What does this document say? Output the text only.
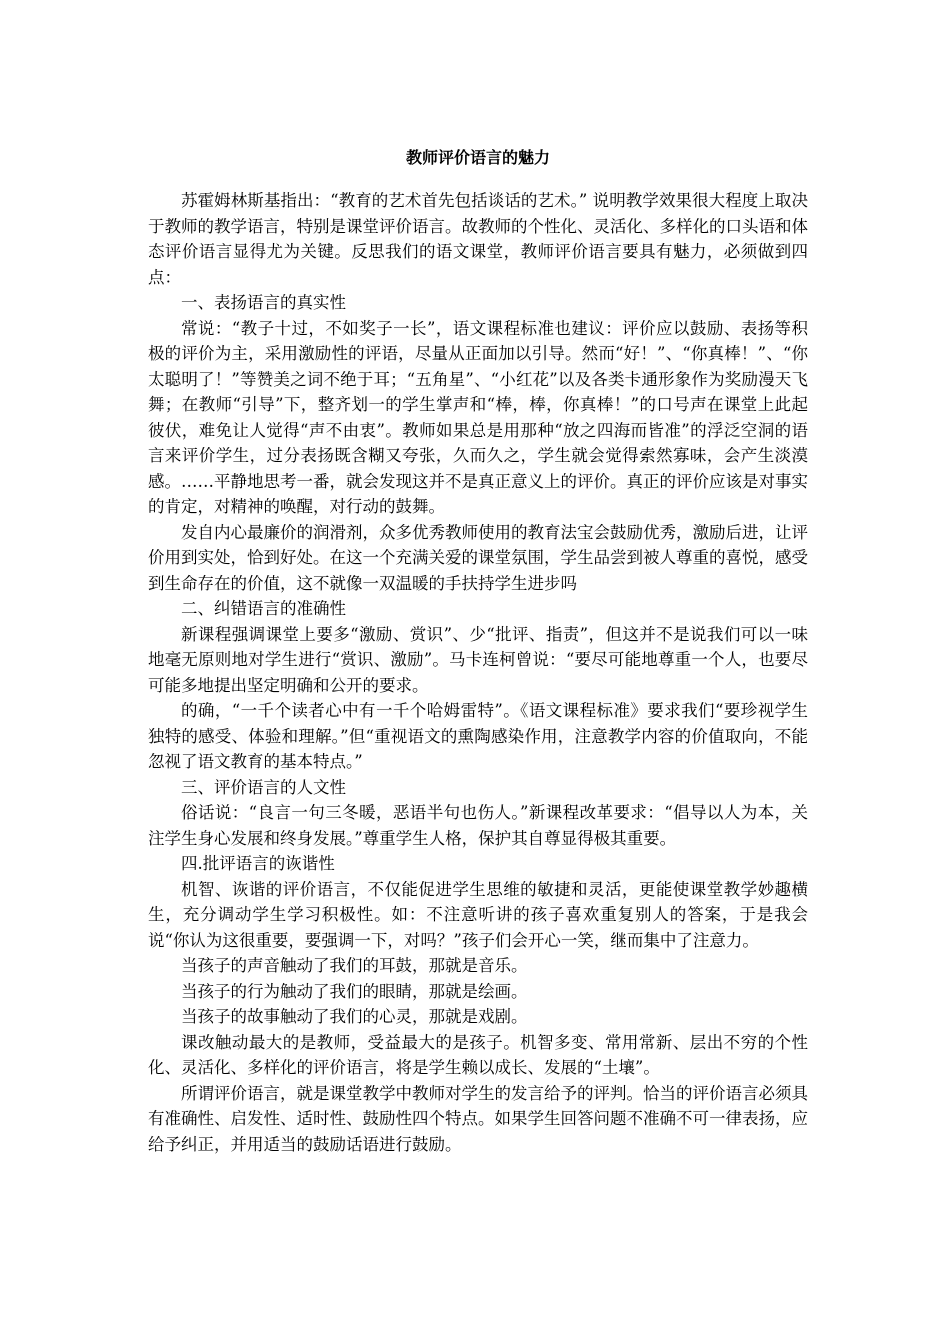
教师评价语言的魅力

苏霍姆林斯基指出：“教育的艺术首先包括谈话的艺术。” 说明教学效果很大程度上取决于教师的教学语言，特别是课堂评价语言。故教师的个性化、灵活化、多样化的口头语和体态评价语言显得尤为关键。反思我们的语文课堂，教师评价语言要具有魅力，必须做到四点：

一、表扬语言的真实性

常说：“教子十过，不如奖子一长”，语文课程标准也建议：评价应以鼓励、表扬等积极的评价为主，采用激励性的评语，尽量从正面加以引导。然而“好！”、“你真棒！”、“你太聪明了！”等赞美之词不绝于耳；“五角星”、“小红花”以及各类卡通形象作为奖励漫天飞舞；在教师“引导”下，整齐划一的学生掌声和“棒，棒，你真棒！”的口号声在课堂上此起彼伏，难免让人觉得“声不由衷”。教师如果总是用那种“放之四海而皆准”的浮泛空洞的语言来评价学生，过分表扬既含糊又夸张，久而久之，学生就会觉得索然寡味，会产生淡漠感。……平静地思考一番，就会发现这并不是真正意义上的评价。真正的评价应该是对事实的肯定，对精神的唤醒，对行动的鼓舞。

发自内心最廉价的润滑剂，众多优秀教师使用的教育法宝会鼓励优秀，激励后进，让评价用到实处，恰到好处。在这一个充满关爱的课堂氛围，学生品尝到被人尊重的喜悦，感受到生命存在的价值，这不就像一双温暖的手扶持学生进步吗

二、纠错语言的准确性

新课程强调课堂上要多“激励、赏识”、少“批评、指责”，但这并不是说我们可以一味地毫无原则地对学生进行“赏识、激励”。马卡连柯曾说：“要尽可能地尊重一个人，也要尽可能多地提出坚定明确和公开的要求。

的确，“一千个读者心中有一千个哈姆雷特”。《语文课程标准》要求我们“要珍视学生独特的感受、体验和理解。”但“重视语文的熏陶感染作用，注意教学内容的价值取向，不能忽视了语文教育的基本特点。”

三、评价语言的人文性

俗话说：“良言一句三冬暖，恶语半句也伤人。”新课程改革要求：“倡导以人为本，关注学生身心发展和终身发展。”尊重学生人格，保护其自尊显得极其重要。

四.批评语言的诙谐性

机智、诙谐的评价语言，不仅能促进学生思维的敏捷和灵活，更能使课堂教学妙趣横生，充分调动学生学习积极性。如：不注意听讲的孩子喜欢重复别人的答案，于是我会说“你认为这很重要，要强调一下，对吗？”孩子们会开心一笑，继而集中了注意力。

当孩子的声音触动了我们的耳鼓，那就是音乐。

当孩子的行为触动了我们的眼睛，那就是绘画。

当孩子的故事触动了我们的心灵，那就是戏剧。

课改触动最大的是教师，受益最大的是孩子。机智多变、常用常新、层出不穷的个性化、灵活化、多样化的评价语言，将是学生赖以成长、发展的“土壤”。

所谓评价语言，就是课堂教学中教师对学生的发言给予的评判。恰当的评价语言必须具有准确性、启发性、适时性、鼓励性四个特点。如果学生回答问题不准确不可一律表扬，应给予纠正，并用适当的鼓励话语进行鼓励。
